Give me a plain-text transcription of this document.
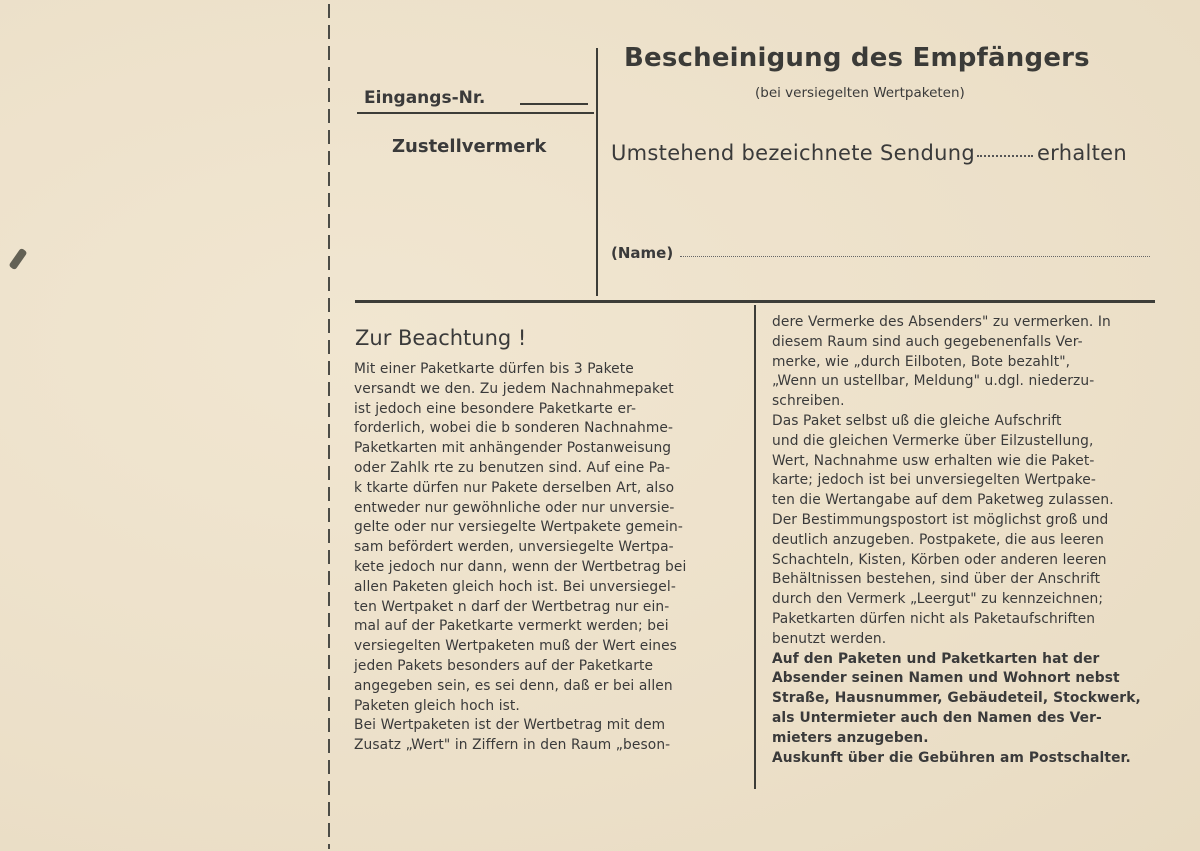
Bescheinigung des Empfängers
(bei versiegelten Wertpaketen)
Eingangs-Nr.
Zustellvermerk	Umstehend bezeichnete Sendung	erhalten
(Name)
Zur Beachtung !
Mit einer Paketkarte dürfen bis 3 Pakete
versandt we den. Zu jedem Nachnahmepaket
ist jedoch eine besondere Paketkarte er-
forderlich, wobei die b sonderen Nachnahme-
Paketkarten mit anhängender Postanweisung
oder Zahlk rte zu benutzen sind. Auf eine Pa-
k tkarte dürfen nur Pakete derselben Art, also
entweder nur gewöhnliche oder nur unversie-
gelte oder nur versiegelte Wertpakete gemein-
sam befördert werden, unversiegelte Wertpa-
kete jedoch nur dann, wenn der Wertbetrag bei
allen Paketen gleich hoch ist. Bei unversiegel-
ten Wertpaket n darf der Wertbetrag nur ein-
mal auf der Paketkarte vermerkt werden; bei
versiegelten Wertpaketen muß der Wert eines
jeden Pakets besonders auf der Paketkarte
angegeben sein, es sei denn, daß er bei allen
Paketen gleich hoch ist.
Bei Wertpaketen ist der Wertbetrag mit dem
Zusatz „Wert" in Ziffern in den Raum „beson-
dere Vermerke des Absenders" zu vermerken. In
diesem Raum sind auch gegebenenfalls Ver-
merke, wie „durch Eilboten, Bote bezahlt",
„Wenn un ustellbar, Meldung" u.dgl. niederzu-
schreiben.
Das Paket selbst uß die gleiche Aufschrift
und die gleichen Vermerke über Eilzustellung,
Wert, Nachnahme usw erhalten wie die Paket-
karte; jedoch ist bei unversiegelten Wertpake-
ten die Wertangabe auf dem Paketweg zulassen.
Der Bestimmungspostort ist möglichst groß und
deutlich anzugeben. Postpakete, die aus leeren
Schachteln, Kisten, Körben oder anderen leeren
Behältnissen bestehen, sind über der Anschrift
durch den Vermerk „Leergut" zu kennzeichnen;
Paketkarten dürfen nicht als Paketaufschriften
benutzt werden.
Auf den Paketen und Paketkarten hat der
Absender seinen Namen und Wohnort nebst
Straße, Hausnummer, Gebäudeteil, Stockwerk,
als Untermieter auch den Namen des Ver-
mieters anzugeben.
Auskunft über die Gebühren am Postschalter.
